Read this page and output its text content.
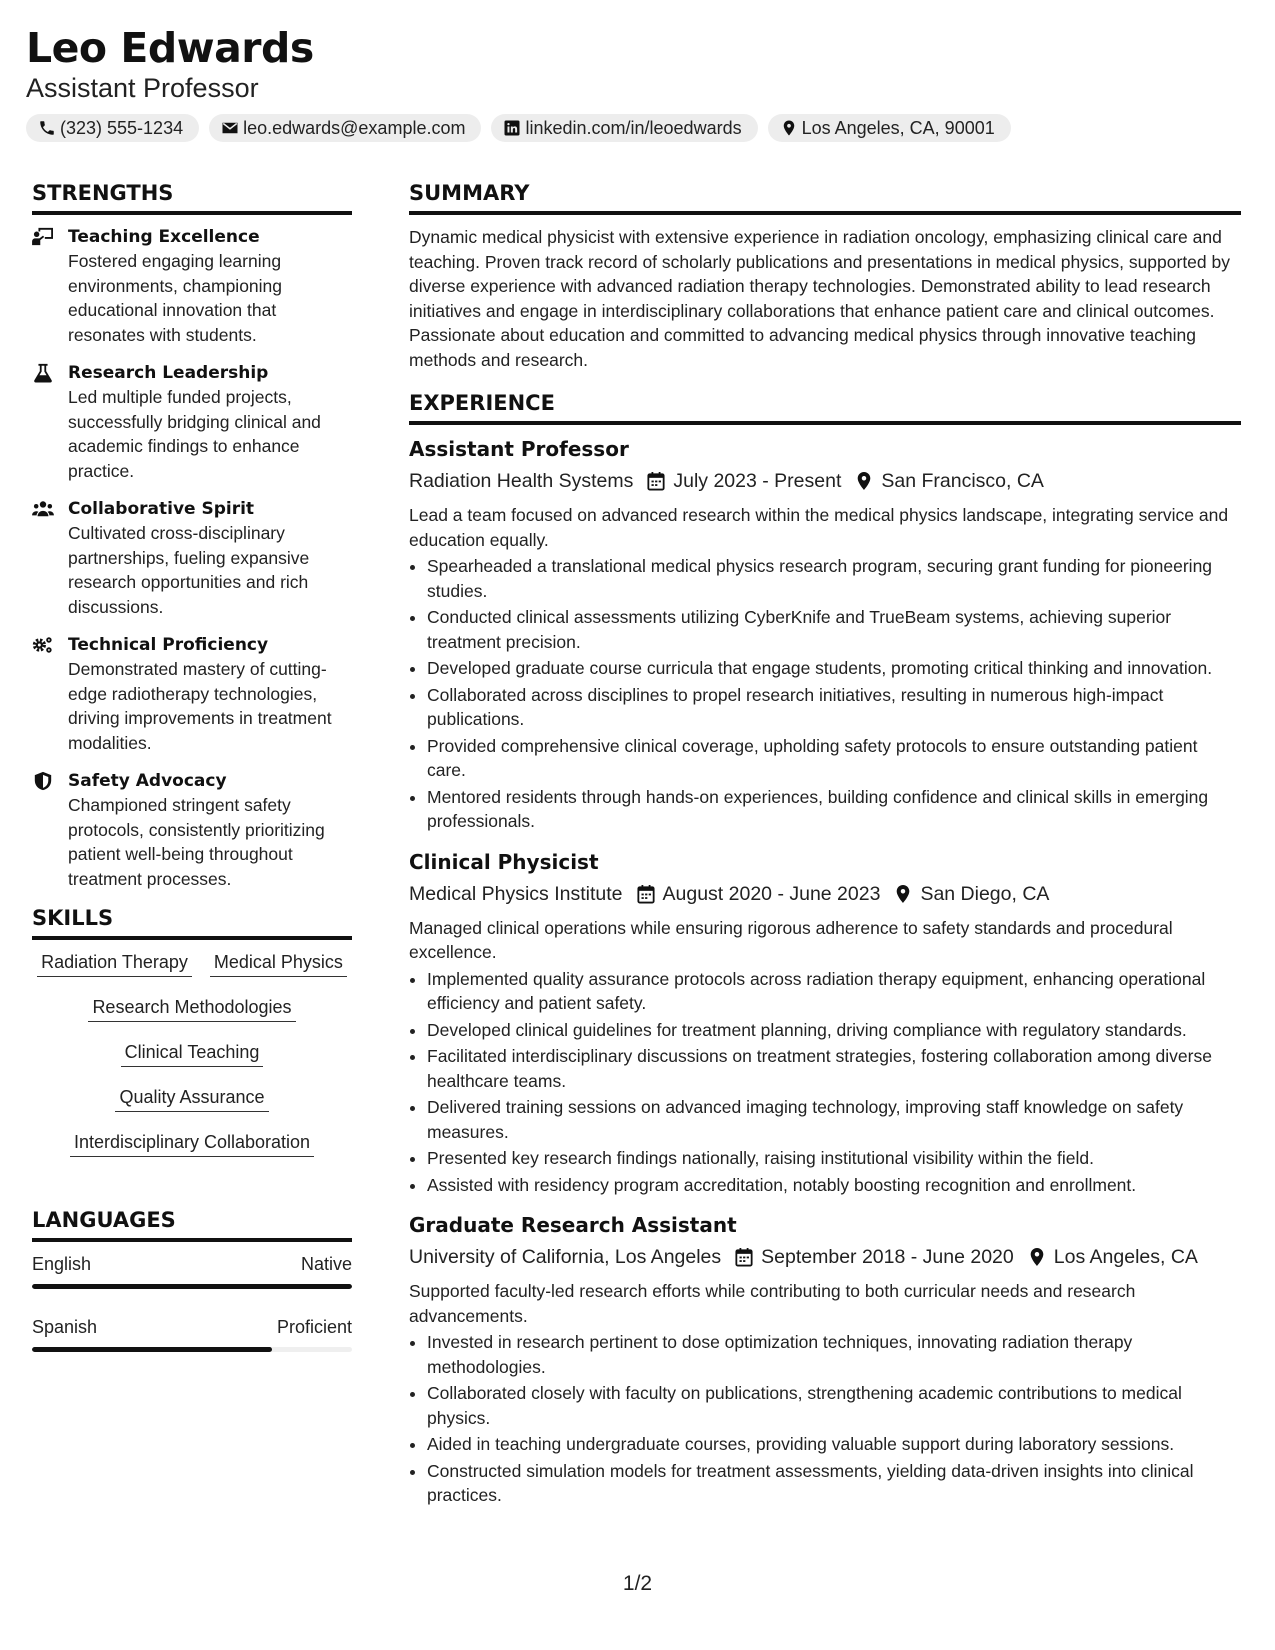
Leo Edwards
Assistant Professor
(323) 555-1234	leo.edwards@example.com	linkedin.com/in/leoedwards	Los Angeles, CA, 90001
STRENGTHS
Teaching Excellence
Fostered engaging learning environments, championing educational innovation that resonates with students.
Research Leadership
Led multiple funded projects, successfully bridging clinical and academic findings to enhance practice.
Collaborative Spirit
Cultivated cross-disciplinary partnerships, fueling expansive research opportunities and rich discussions.
Technical Proficiency
Demonstrated mastery of cutting-edge radiotherapy technologies, driving improvements in treatment modalities.
Safety Advocacy
Championed stringent safety protocols, consistently prioritizing patient well-being throughout treatment processes.
SKILLS
Radiation Therapy Medical Physics
Research Methodologies
Clinical Teaching
Quality Assurance
Interdisciplinary Collaboration
LANGUAGES
English	Native
Spanish	Proficient
SUMMARY
Dynamic medical physicist with extensive experience in radiation oncology, emphasizing clinical care and teaching. Proven track record of scholarly publications and presentations in medical physics, supported by diverse experience with advanced radiation therapy technologies. Demonstrated ability to lead research initiatives and engage in interdisciplinary collaborations that enhance patient care and clinical outcomes. Passionate about education and committed to advancing medical physics through innovative teaching methods and research.
EXPERIENCE
Assistant Professor
Radiation Health Systems July 2023 - Present San Francisco, CA
Lead a team focused on advanced research within the medical physics landscape, integrating service and education equally.
• Spearheaded a translational medical physics research program, securing grant funding for pioneering studies.
• Conducted clinical assessments utilizing CyberKnife and TrueBeam systems, achieving superior treatment precision.
• Developed graduate course curricula that engage students, promoting critical thinking and innovation.
• Collaborated across disciplines to propel research initiatives, resulting in numerous high-impact publications.
• Provided comprehensive clinical coverage, upholding safety protocols to ensure outstanding patient care.
• Mentored residents through hands-on experiences, building confidence and clinical skills in emerging professionals.
Clinical Physicist
Medical Physics Institute August 2020 - June 2023 San Diego, CA
Managed clinical operations while ensuring rigorous adherence to safety standards and procedural excellence.
• Implemented quality assurance protocols across radiation therapy equipment, enhancing operational efficiency and patient safety.
• Developed clinical guidelines for treatment planning, driving compliance with regulatory standards.
• Facilitated interdisciplinary discussions on treatment strategies, fostering collaboration among diverse healthcare teams.
• Delivered training sessions on advanced imaging technology, improving staff knowledge on safety measures.
• Presented key research findings nationally, raising institutional visibility within the field.
• Assisted with residency program accreditation, notably boosting recognition and enrollment.
Graduate Research Assistant
University of California, Los Angeles September 2018 - June 2020 Los Angeles, CA
Supported faculty-led research efforts while contributing to both curricular needs and research advancements.
• Invested in research pertinent to dose optimization techniques, innovating radiation therapy methodologies.
• Collaborated closely with faculty on publications, strengthening academic contributions to medical physics.
• Aided in teaching undergraduate courses, providing valuable support during laboratory sessions.
• Constructed simulation models for treatment assessments, yielding data-driven insights into clinical practices.
1/2
